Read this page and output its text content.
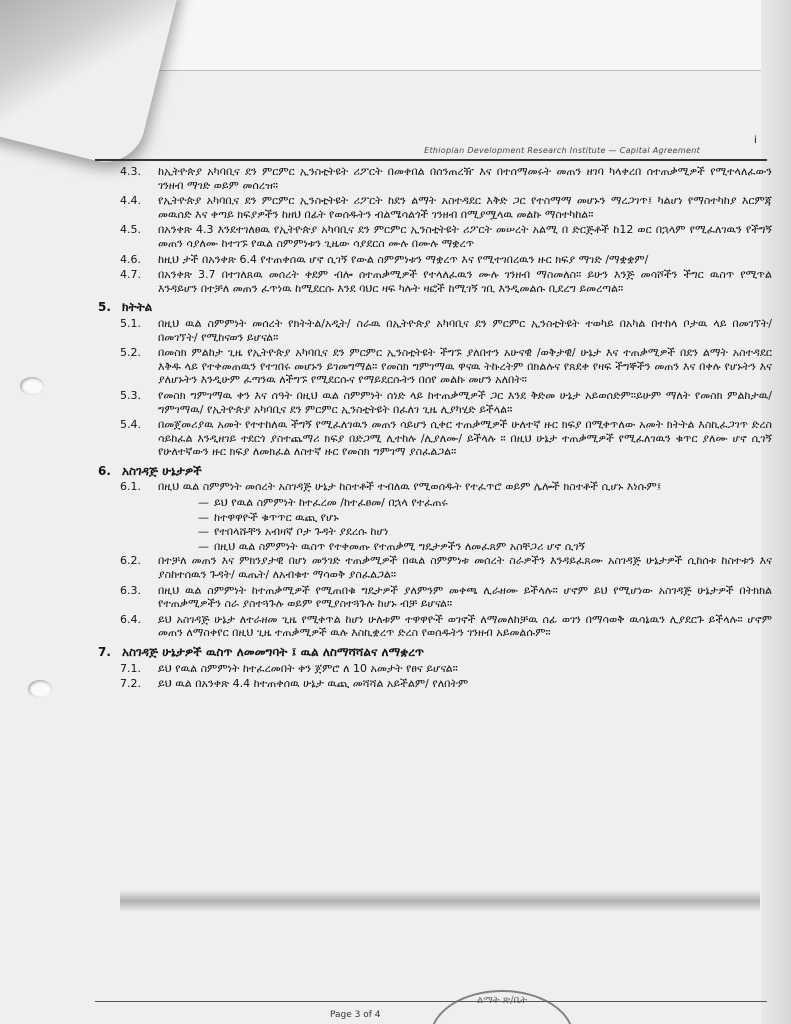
Ethiopian Development Research Institute — Capital Agreement
i
4.3.	ከኢትዮጵያ አካባቢና ደን ምርምር ኢንስቲትዩት ሪፖርት በመቀበል በሰንጠረዥ እና በተሰማመሩት መጠን ዘገባ ካላቀረበ ሰተጠቃሚዎች የሚተላለፈውን ገንዘብ ማገድ ወይም መሰረዝ።
4.4.	የኢትዮጵያ አካባቢና ደን ምርምር ኢንስቲትዩት ሪፖርት ከደን ልማት አስተዳደር እቅድ ጋር የተስማማ መሆኑን ማረጋገጥ፤ ካልሆነ የማስተካከያ እርምጃ መዉሰድ እና ቀጣይ ክፍያዎችን ከዘህ በፊት የወሰዱትን ብልሜሳልጎች ገንዘብ በሚያሟላዉ መልኩ ማስተካከል።
4.5.	በአንቀጽ 4.3 እንደተገለፀዉ የኢትዮጵያ አካባቢና ደን ምርምር ኢንስቲትዩት ሪፖርት መሠረት አልሚ በ ድርጅቶች ከ12 ወር በኋላም የሚፈለገዉን የችግኝ መጠን ሳያለሙ ከተገኙ የዉል ስምምነቱን ጊዜው ሳያደርስ ሙሉ በሙሉ ማቋረጥ
4.6.	ከዚህ ታች በአንቀጽ 6.4 የተጠቀሰዉ ሆኖ ሲገኝ የውል ስምምነቱን ማቋረጥ እና የሚተገበረዉን ዙር ክፍያ ማገድ /ማቋቋም/
4.7.	በአንቀጽ 3.7 በተገለጸዉ መሰረት ቀደም ብሎ ሰተጠቃሚዎች የተላለፈዉን ሙሉ ገንዘብ ማስመለስ። ይሁን እንጅ መሳሾችን ችግር ዉስጥ የሚጥል እንዳይሆን በተቻለ መጠን ፈጥነዉ ከሚደርሱ እንደ ባህር ዛፍ ካሉት ዛፎች ከሚገኝ ገቢ እንዲመልሱ ቢደረግ ይመረጣል።
5. ክትትል
5.1.	በዚህ ዉል ስምምነት መሰረት የክትትል/አዲት/ ስራዉ በኢትዮጵያ አካባቢና ደን ምርምር ኢንስቲትዩት ተወካይ በአካል በተከላ ቦታዉ ላይ በመገኘት/ በመገኘት/ የሚከናወን ይሆናል።
5.2.	በመስክ ምልከታ ጊዜ የኢትዮጵያ አካባቢና ደን ምርምር ኢንስቲትዩት ችግኙ ያለበተን አሁናዊ /ወቅታዊ/ ሁኔታ እና ተጠቃሚዎች በደን ልማት አስተዳደር እቅዱ ላይ የተቀመጠዉን የተገበሩ መሆኑን ይገመግማል። የመስክ ግምገማዉ ዋናዉ ትኩረትም በክልሉና የጸደቀ የዛፍ ችግኞችን መጠን እና በቀሉ የሆኑትን እና ያለሆኑትን እንዲሁም ፈጣንዉ ለችግኙ የሚደርሱና የማይደርሱትን በሰየ መልኩ መሆን አለበት።
5.3.	የመስክ ግምገማዉ ቀን እና ሰዓት በዚህ ዉል ስምምነት ሰነድ ላይ ከተጠቃሚዎች ጋር እንደ ቅድመ ሁኔታ አይወሰድም።ይሁም ማለት የመስክ ምልከታዉ/ ግምገማዉ/ የኢትዮጵያ አካባቢና ደን ምርምር ኢንስቲትዩት በፈለገ ጊዜ ሊያካሂድ ይችላል።
5.4.	በመጀመሪያዉ አመት የተተከለዉ ችግኝ የሚፈለገዉን መጠን ሳይሆን ሲቀር ተጠቃሚዎች ሁለተኛ ዙር ክፍያ በሚቀጥለው አመት ክትትል እስኪፈጋገጥ ድረስ ሳይከፈል እንዲዘገይ ተደርጎ ያስተጨማሪ ክፍያ በድጋሚ ሊተከሉ /ሊያለሙ/ ይችላሉ ። በዚህ ሁኔታ ተጠቃሚዎች የሚፈለገዉን ቁጥር ያለሙ ሆኖ ሲገኝ የሁለተኛውን ዙር ክፍያ ለመክፈል ለስተኛ ዙር የመስክ ግምገማ ያስፈልጋል።
6. አስገዳጅ ሁኔታዎች
6.1.	በዚህ ዉል ስምምነት መሰረት አስገዳጅ ሁኔታ ከስተቶች ተብለዉ የሚወሰዱት የተፈጥሮ ወይም ሌሎች ክስተቶች ሲሆኑ እነሱም፤
— ይህ የዉል ስምምነት ከተፈረመ /ከተፈፀመ/ በኋላ የተፈጠሩ
— ከተዋዋዮች ቁጥጥር ዉጪ የሆኑ
— የተበላሹቸን አብዛኛ ቦታ ጉዳት ያደረሱ ከሆነ
— በዚህ ዉል ስምምነት ዉስጥ የተቀመጡ የተጠቃሚ ግዴታዎችን ለመፈጸም አስቸጋሪ ሆኖ ሲገኝ
6.2.	በተቻለ መጠን እና ምክንያታዊ በሆነ መንገድ ተጠቃሚዎች በዉል ስምምነቱ መሰረት ስራዎችን እንዳይፈጸሙ አስገዳጅ ሁኔታዎች ሲከሰቱ ከስተቱን እና ያስከተሰዉን ጉዳት/ ዉጤት/ ለአብቁተ ማሳወቅ ያስፈልጋል።
6.3.	በዚህ ዉል ስምምነት ከተጠቃሚዎች የሚጠበቁ ግዴታዎች ያለምንም መቀጫ ሊራዘሙ ይችላሉ። ሆኖም ይህ የሚሆነው አስገዳጅ ሁኔታዎች በትክክል የተጠቃሚዎችን ስራ ያስተጓጉሉ ወይም የሚያስተጓጉሉ ከሆኑ ብቻ ይሆናል።
6.4.	ይህ አስገዳጅ ሁኔታ ለተራዘመ ጊዜ የሚቀጥል ከሆነ ሁለቱም ተዋዋዮች ወገኖች ለማመለከቻዉ ሰፊ ወገን በማሳወቅ ዉሳኔዉን ሊያደርጉ ይችላሉ። ሆኖም መጠን ለማስቀየር በዚህ ጊዜ ተጠቃሚዎች ዉሉ እስኪቋረጥ ድረስ የወሰዱትን ገንዘብ አይመልሱም።
7. አስገዳጅ ሁኔታዎች ዉስጥ ለመመግባት ፤ ዉል ለስማሻሻልና ለማቋረጥ
7.1.	ይህ የዉል ስምምነት ከተፈረመበት ቀን ጀምሮ ለ 10 አመታት የፀና ይሆናል።
7.2.	ይህ ዉል በአንቀጽ 4.4 ከተጠቀሰዉ ሁኔታ ዉጪ መሻሻል አይችልም/ የለበትም
Page 3 of 4
ልማት ጽ/ቤት
